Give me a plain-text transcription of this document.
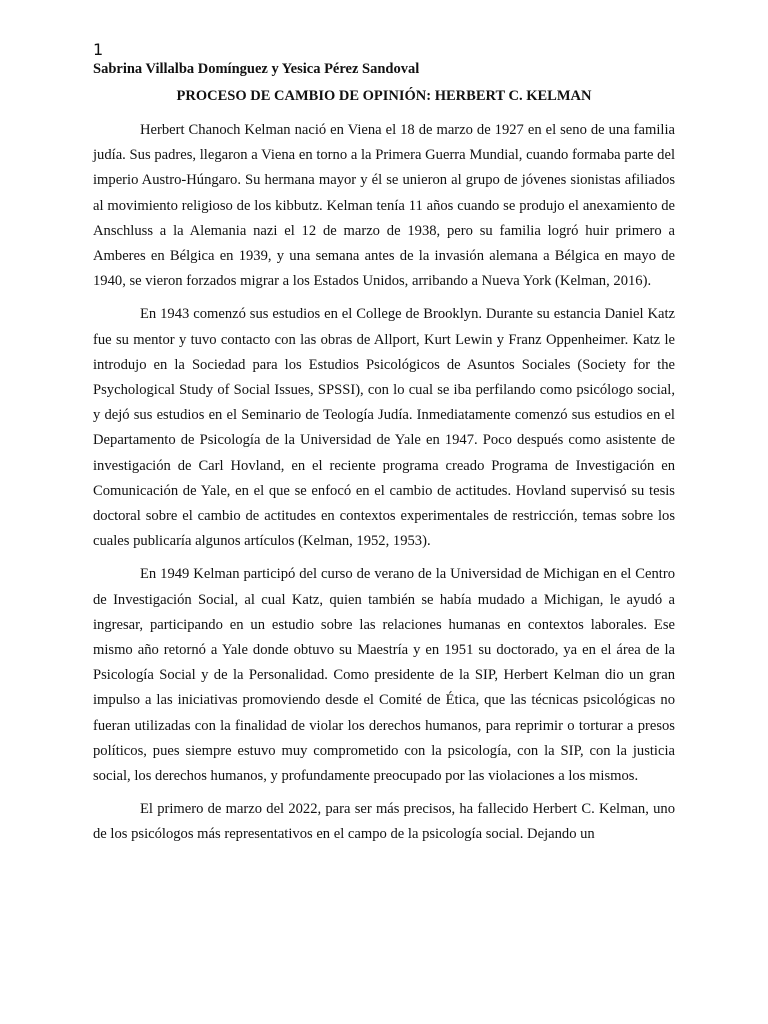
1

Sabrina Villalba Domínguez y Yesica Pérez Sandoval

PROCESO DE CAMBIO DE OPINIÓN: HERBERT C. KELMAN

Herbert Chanoch Kelman nació en Viena el 18 de marzo de 1927 en el seno de una familia judía. Sus padres, llegaron a Viena en torno a la Primera Guerra Mundial, cuando formaba parte del imperio Austro-Húngaro. Su hermana mayor y él se unieron al grupo de jóvenes sionistas afiliados al movimiento religioso de los kibbutz. Kelman tenía 11 años cuando se produjo el anexamiento de Anschluss a la Alemania nazi el 12 de marzo de 1938, pero su familia logró huir primero a Amberes en Bélgica en 1939, y una semana antes de la invasión alemana a Bélgica en mayo de 1940, se vieron forzados migrar a los Estados Unidos, arribando a Nueva York (Kelman, 2016).

En 1943 comenzó sus estudios en el College de Brooklyn. Durante su estancia Daniel Katz fue su mentor y tuvo contacto con las obras de Allport, Kurt Lewin y Franz Oppenheimer. Katz le introdujo en la Sociedad para los Estudios Psicológicos de Asuntos Sociales (Society for the Psychological Study of Social Issues, SPSSI), con lo cual se iba perfilando como psicólogo social, y dejó sus estudios en el Seminario de Teología Judía. Inmediatamente comenzó sus estudios en el Departamento de Psicología de la Universidad de Yale en 1947. Poco después como asistente de investigación de Carl Hovland, en el reciente programa creado Programa de Investigación en Comunicación de Yale, en el que se enfocó en el cambio de actitudes. Hovland supervisó su tesis doctoral sobre el cambio de actitudes en contextos experimentales de restricción, temas sobre los cuales publicaría algunos artículos (Kelman, 1952, 1953).

En 1949 Kelman participó del curso de verano de la Universidad de Michigan en el Centro de Investigación Social, al cual Katz, quien también se había mudado a Michigan, le ayudó a ingresar, participando en un estudio sobre las relaciones humanas en contextos laborales. Ese mismo año retornó a Yale donde obtuvo su Maestría y en 1951 su doctorado, ya en el área de la Psicología Social y de la Personalidad. Como presidente de la SIP, Herbert Kelman dio un gran impulso a las iniciativas promoviendo desde el Comité de Ética, que las técnicas psicológicas no fueran utilizadas con la finalidad de violar los derechos humanos, para reprimir o torturar a presos políticos, pues siempre estuvo muy comprometido con la psicología, con la SIP, con la justicia social, los derechos humanos, y profundamente preocupado por las violaciones a los mismos.

El primero de marzo del 2022, para ser más precisos, ha fallecido Herbert C. Kelman, uno de los psicólogos más representativos en el campo de la psicología social. Dejando un
